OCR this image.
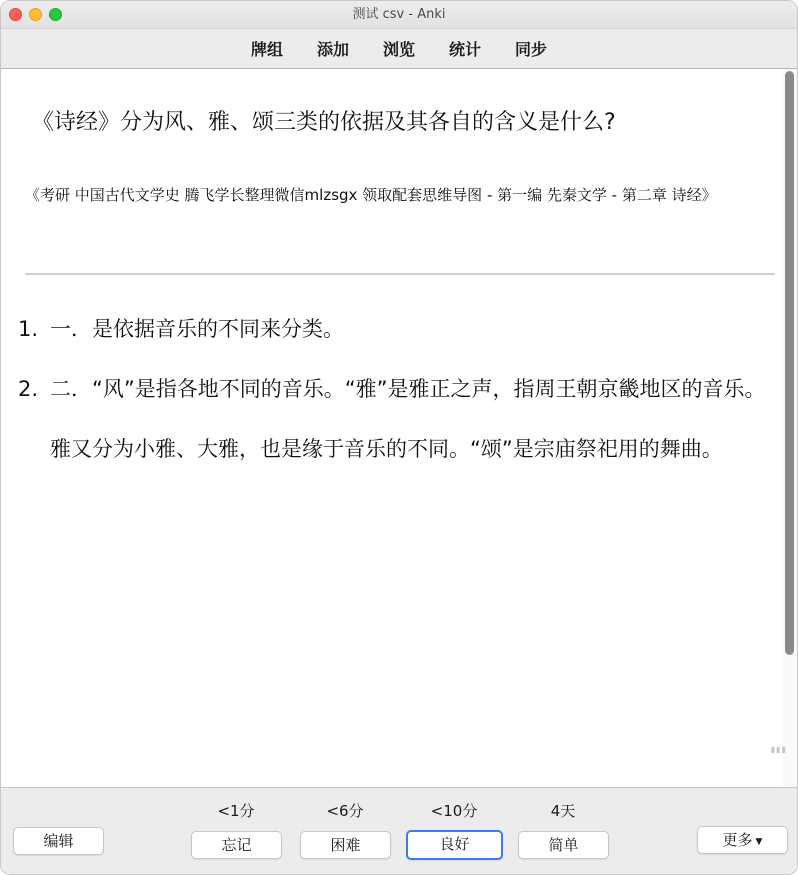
测试 csv - Anki
牌组 添加 浏览 统计 同步
《诗经》分为风、雅、颂三类的依据及其各自的含义是什么?
《考研 中国古代文学史 腾飞学长整理微信mlzsgx 领取配套思维导图 - 第一编 先秦文学 - 第二章 诗经》
1. 一．是依据音乐的不同来分类。
2. 二．“风”是指各地不同的音乐。“雅”是雅正之声，指周王朝京畿地区的音乐。雅又分为小雅、大雅，也是缘于音乐的不同。“颂”是宗庙祭祀用的舞曲。
▮▮▮
编辑
<1分
忘记
<6分
困难
<10分
良好
4天
简单	更多 ▼
